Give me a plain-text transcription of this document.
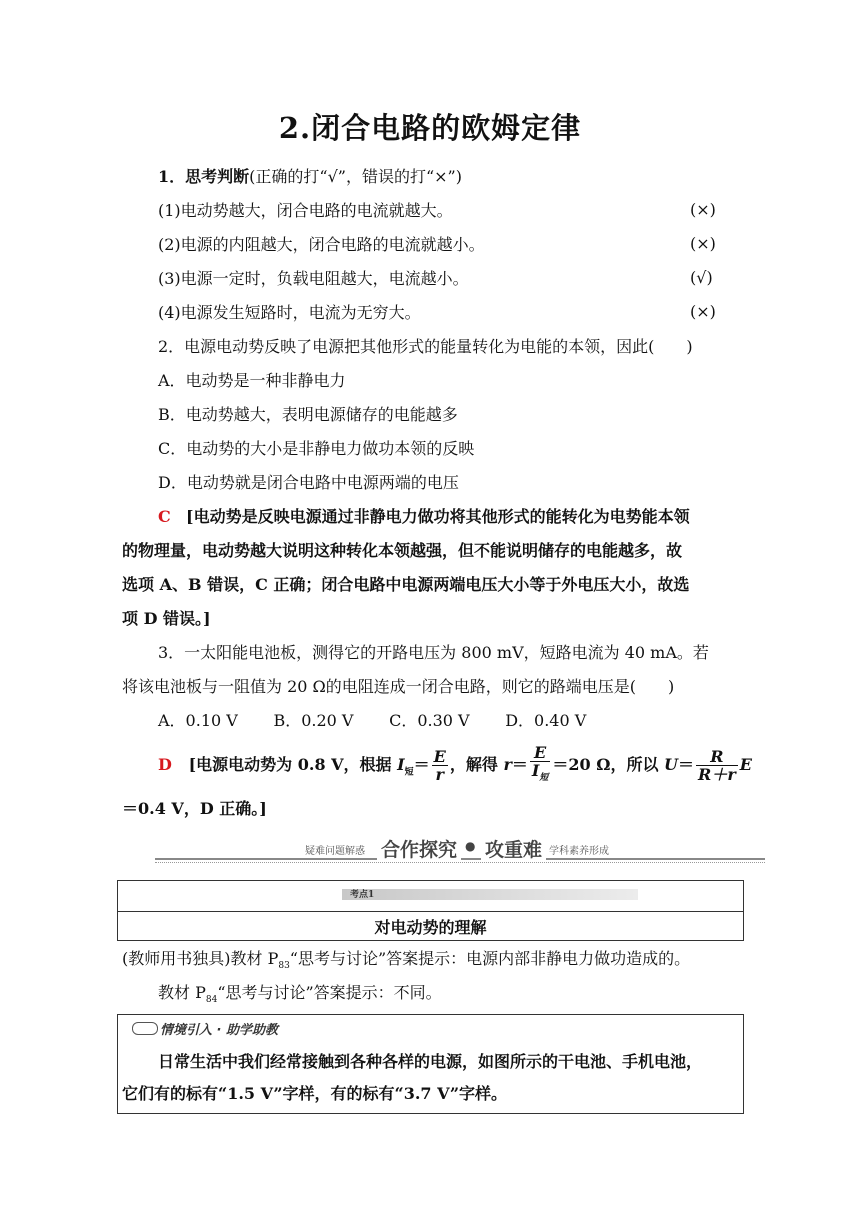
2.闭合电路的欧姆定律
1．思考判断(正确的打“√”，错误的打“×”)
(1)电动势越大，闭合电路的电流就越大。	(×)
(2)电源的内阻越大，闭合电路的电流就越小。	(×)
(3)电源一定时，负载电阻越大，电流越小。	(√)
(4)电源发生短路时，电流为无穷大。	(×)
2．电源电动势反映了电源把其他形式的能量转化为电能的本领，因此(　　)
A．电动势是一种非静电力
B．电动势越大，表明电源储存的电能越多
C．电动势的大小是非静电力做功本领的反映
D．电动势就是闭合电路中电源两端的电压
C [电动势是反映电源通过非静电力做功将其他形式的能转化为电势能本领
的物理量，电动势越大说明这种转化本领越强，但不能说明储存的电能越多，故
选项 A、B 错误，C 正确；闭合电路中电源两端电压大小等于外电压大小，故选
项 D 错误。]
3．一太阳能电池板，测得它的开路电压为 800 mV，短路电流为 40 mA。若
将该电池板与一阻值为 20 Ω的电阻连成一闭合电路，则它的路端电压是(　　)
A．0.10 V B．0.20 V C．0.30 V D．0.40 V
D [电源电动势为 0.8 V，根据 $I_短= \frac{E}{r}$ ，解得 $r= \frac{E}{I_短} =20$ Ω，所以 $U= \frac{R}{R+r}$ E
＝0.4 V，D 正确。]
疑难问题解惑 合作探究 ● 攻重难 学科素养形成
考点1
对电动势的理解
(教师用书独具)教材 $P_{83}“$思考与讨论”答案提示：电源内部非静电力做功造成的。
教材 $P_{84}“$思考与讨论”答案提示：不同。
情境引入 · 助学助教
日常生活中我们经常接触到各种各样的电源，如图所示的干电池、手机电池，
它们有的标有“1.5 V”字样，有的标有“3.7 V”字样。
